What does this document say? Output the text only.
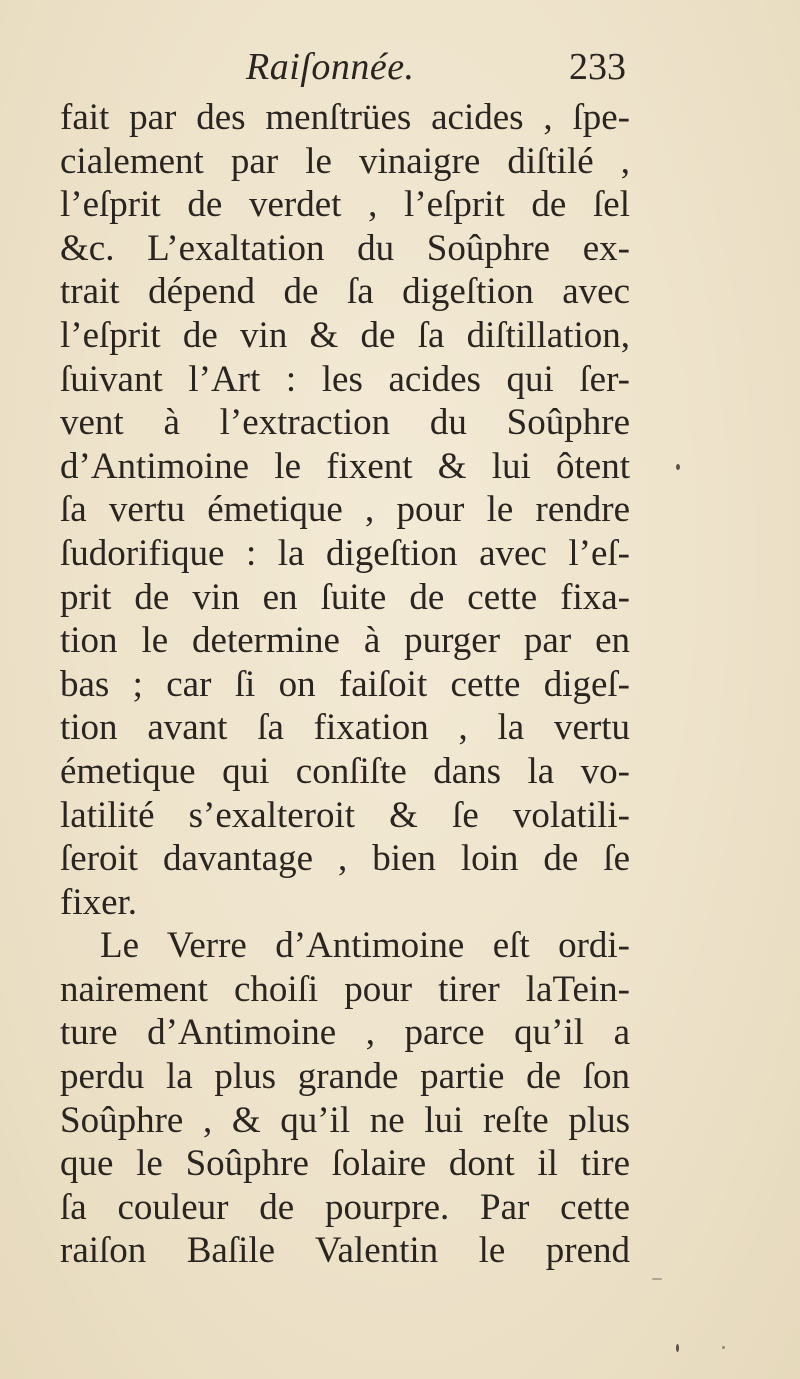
Raiſonnée.	233
fait par des menſtrües acides , ſpe-
cialement par le vinaigre diſtilé ,
l’eſprit de verdet , l’eſprit de ſel
&c. L’exaltation du Soûphre ex-
trait dépend de ſa digeſtion avec
l’eſprit de vin & de ſa diſtillation,
ſuivant l’Art : les acides qui ſer-
vent à l’extraction du Soûphre
d’Antimoine le fixent & lui ôtent
ſa vertu émetique , pour le rendre
ſudorifique : la digeſtion avec l’eſ-
prit de vin en ſuite de cette fixa-
tion le determine à purger par en
bas ; car ſi on faiſoit cette digeſ-
tion avant ſa fixation , la vertu
émetique qui conſiſte dans la vo-
latilité s’exalteroit & ſe volatili-
ſeroit davantage , bien loin de ſe
fixer.
Le Verre d’Antimoine eſt ordi-
nairement choiſi pour tirer laTein-
ture d’Antimoine , parce qu’il a
perdu la plus grande partie de ſon
Soûphre , & qu’il ne lui reſte plus
que le Soûphre ſolaire dont il tire
ſa couleur de pourpre. Par cette
raiſon Baſile Valentin le prend
